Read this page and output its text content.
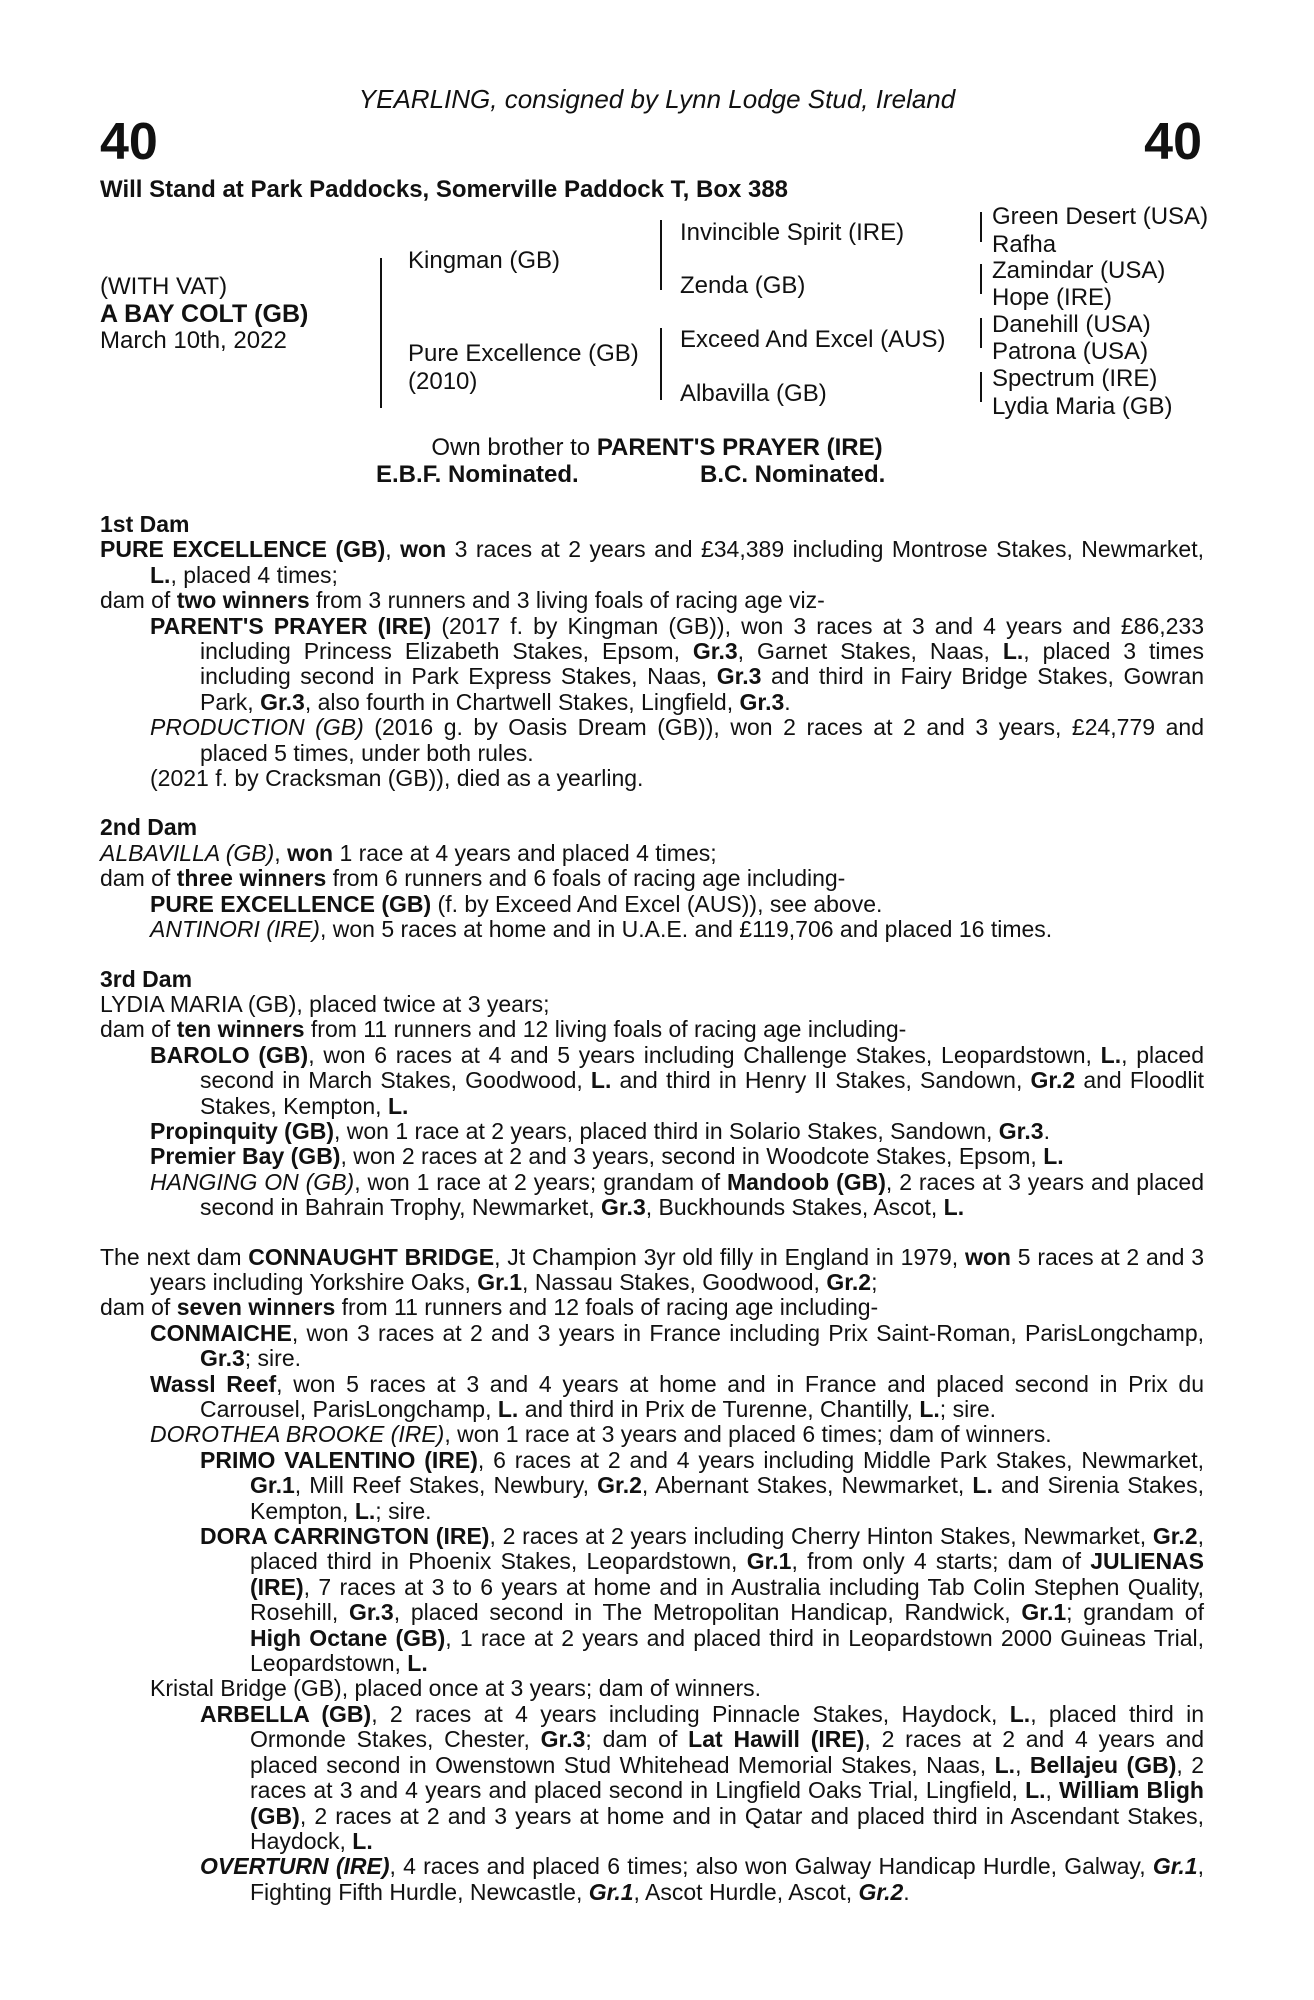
40	40
YEARLING, consigned by Lynn Lodge Stud, Ireland
Will Stand at Park Paddocks, Somerville Paddock T, Box 388
(WITH VAT)
A BAY COLT (GB)
March 10th, 2022
Kingman (GB)
Pure Excellence (GB)
(2010)
Invincible Spirit (IRE)
Zenda (GB)
Exceed And Excel (AUS)
Albavilla (GB)
Green Desert (USA)
Rafha
Zamindar (USA)
Hope (IRE)
Danehill (USA)
Patrona (USA)
Spectrum (IRE)
Lydia Maria (GB)
Own brother to PARENT'S PRAYER (IRE)
E.B.F. Nominated.	B.C. Nominated.

1st Dam

PURE EXCELLENCE (GB), won 3 races at 2 years and £34,389 including Montrose Stakes, Newmarket, L., placed 4 times;

dam of two winners from 3 runners and 3 living foals of racing age viz-

PARENT'S PRAYER (IRE) (2017 f. by Kingman (GB)), won 3 races at 3 and 4 years and £86,233 including Princess Elizabeth Stakes, Epsom, Gr.3, Garnet Stakes, Naas, L., placed 3 times including second in Park Express Stakes, Naas, Gr.3 and third in Fairy Bridge Stakes, Gowran Park, Gr.3, also fourth in Chartwell Stakes, Lingfield, Gr.3.

PRODUCTION (GB) (2016 g. by Oasis Dream (GB)), won 2 races at 2 and 3 years, £24,779 and placed 5 times, under both rules.

(2021 f. by Cracksman (GB)), died as a yearling.

2nd Dam

ALBAVILLA (GB), won 1 race at 4 years and placed 4 times;

dam of three winners from 6 runners and 6 foals of racing age including-

PURE EXCELLENCE (GB) (f. by Exceed And Excel (AUS)), see above.

ANTINORI (IRE), won 5 races at home and in U.A.E. and £119,706 and placed 16 times.

3rd Dam

LYDIA MARIA (GB), placed twice at 3 years;

dam of ten winners from 11 runners and 12 living foals of racing age including-

BAROLO (GB), won 6 races at 4 and 5 years including Challenge Stakes, Leopardstown, L., placed second in March Stakes, Goodwood, L. and third in Henry II Stakes, Sandown, Gr.2 and Floodlit Stakes, Kempton, L.

Propinquity (GB), won 1 race at 2 years, placed third in Solario Stakes, Sandown, Gr.3.

Premier Bay (GB), won 2 races at 2 and 3 years, second in Woodcote Stakes, Epsom, L.

HANGING ON (GB), won 1 race at 2 years; grandam of Mandoob (GB), 2 races at 3 years and placed second in Bahrain Trophy, Newmarket, Gr.3, Buckhounds Stakes, Ascot, L.

The next dam CONNAUGHT BRIDGE, Jt Champion 3yr old filly in England in 1979, won 5 races at 2 and 3 years including Yorkshire Oaks, Gr.1, Nassau Stakes, Goodwood, Gr.2;

dam of seven winners from 11 runners and 12 foals of racing age including-

CONMAICHE, won 3 races at 2 and 3 years in France including Prix Saint-Roman, ParisLongchamp, Gr.3; sire.

Wassl Reef, won 5 races at 3 and 4 years at home and in France and placed second in Prix du Carrousel, ParisLongchamp, L. and third in Prix de Turenne, Chantilly, L.; sire.

DOROTHEA BROOKE (IRE), won 1 race at 3 years and placed 6 times; dam of winners.

PRIMO VALENTINO (IRE), 6 races at 2 and 4 years including Middle Park Stakes, Newmarket, Gr.1, Mill Reef Stakes, Newbury, Gr.2, Abernant Stakes, Newmarket, L. and Sirenia Stakes, Kempton, L.; sire.

DORA CARRINGTON (IRE), 2 races at 2 years including Cherry Hinton Stakes, Newmarket, Gr.2, placed third in Phoenix Stakes, Leopardstown, Gr.1, from only 4 starts; dam of JULIENAS (IRE), 7 races at 3 to 6 years at home and in Australia including Tab Colin Stephen Quality, Rosehill, Gr.3, placed second in The Metropolitan Handicap, Randwick, Gr.1; grandam of High Octane (GB), 1 race at 2 years and placed third in Leopardstown 2000 Guineas Trial, Leopardstown, L.

Kristal Bridge (GB), placed once at 3 years; dam of winners.

ARBELLA (GB), 2 races at 4 years including Pinnacle Stakes, Haydock, L., placed third in Ormonde Stakes, Chester, Gr.3; dam of Lat Hawill (IRE), 2 races at 2 and 4 years and placed second in Owenstown Stud Whitehead Memorial Stakes, Naas, L., Bellajeu (GB), 2 races at 3 and 4 years and placed second in Lingfield Oaks Trial, Lingfield, L., William Bligh (GB), 2 races at 2 and 3 years at home and in Qatar and placed third in Ascendant Stakes, Haydock, L.

OVERTURN (IRE), 4 races and placed 6 times; also won Galway Handicap Hurdle, Galway, Gr.1, Fighting Fifth Hurdle, Newcastle, Gr.1, Ascot Hurdle, Ascot, Gr.2.
